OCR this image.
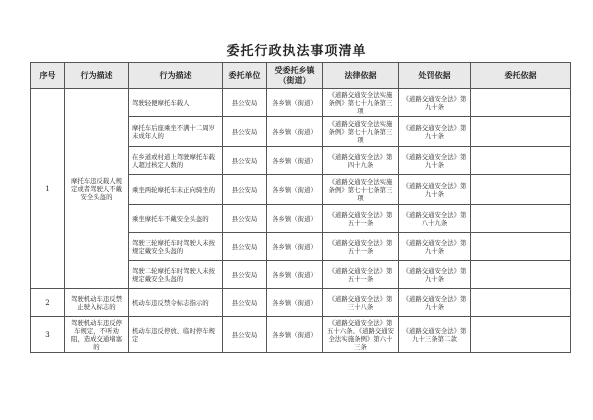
委托行政执法事项清单
序号	行为描述	行为描述	委托单位	受委托乡镇（街道）	法律依据	处罚依据	委托依据
1	摩托车违反载人规定或者驾驶人不戴安全头盔的	驾驶轻便摩托车载人	县公安局	各乡镇（街道）	《道路交通安全法实施条例》第七十九条第三项	《道路交通安全法》第九十条	
		摩托车后座乘坐不满十二周岁未成年人的	县公安局	各乡镇（街道）	《道路交通安全法实施条例》第七十九条第三项	《道路交通安全法》第九十条	
		在乡道或村道上驾驶摩托车载人超过核定人数的	县公安局	各乡镇（街道）	《道路交通安全法》第四十九条	《道路交通安全法》第九十条	
		乘坐两轮摩托车未正向骑坐的	县公安局	各乡镇（街道）	《道路交通安全法实施条例》第七十七条第三项	《道路交通安全法》第九十条	
		乘坐摩托车不戴安全头盔的	县公安局	各乡镇（街道）	《道路交通安全法》第五十一条	《道路交通安全法》第八十九条	
		驾驶三轮摩托车时驾驶人未按规定戴安全头盔的	县公安局	各乡镇（街道）	《道路交通安全法》第五十一条	《道路交通安全法》第九十条	
		驾驶二轮摩托车时驾驶人未按规定戴安全头盔的	县公安局	各乡镇（街道）	《道路交通安全法》第五十一条	《道路交通安全法》第九十条	
2	驾驶机动车违反禁止驶入标志的	机动车违反禁令标志指示的	县公安局	各乡镇（街道）	《道路交通安全法》第三十八条	《道路交通安全法》第九十条	
3	驾驶机动车违反停车规定，不听劝阻，造成交通堵塞的	机动车违反停放、临时停车规定	县公安局	各乡镇（街道）	《道路交通安全法》第五十六条、《道路交通安全法实施条例》第六十三条	《道路交通安全法》第九十三条第二款	
